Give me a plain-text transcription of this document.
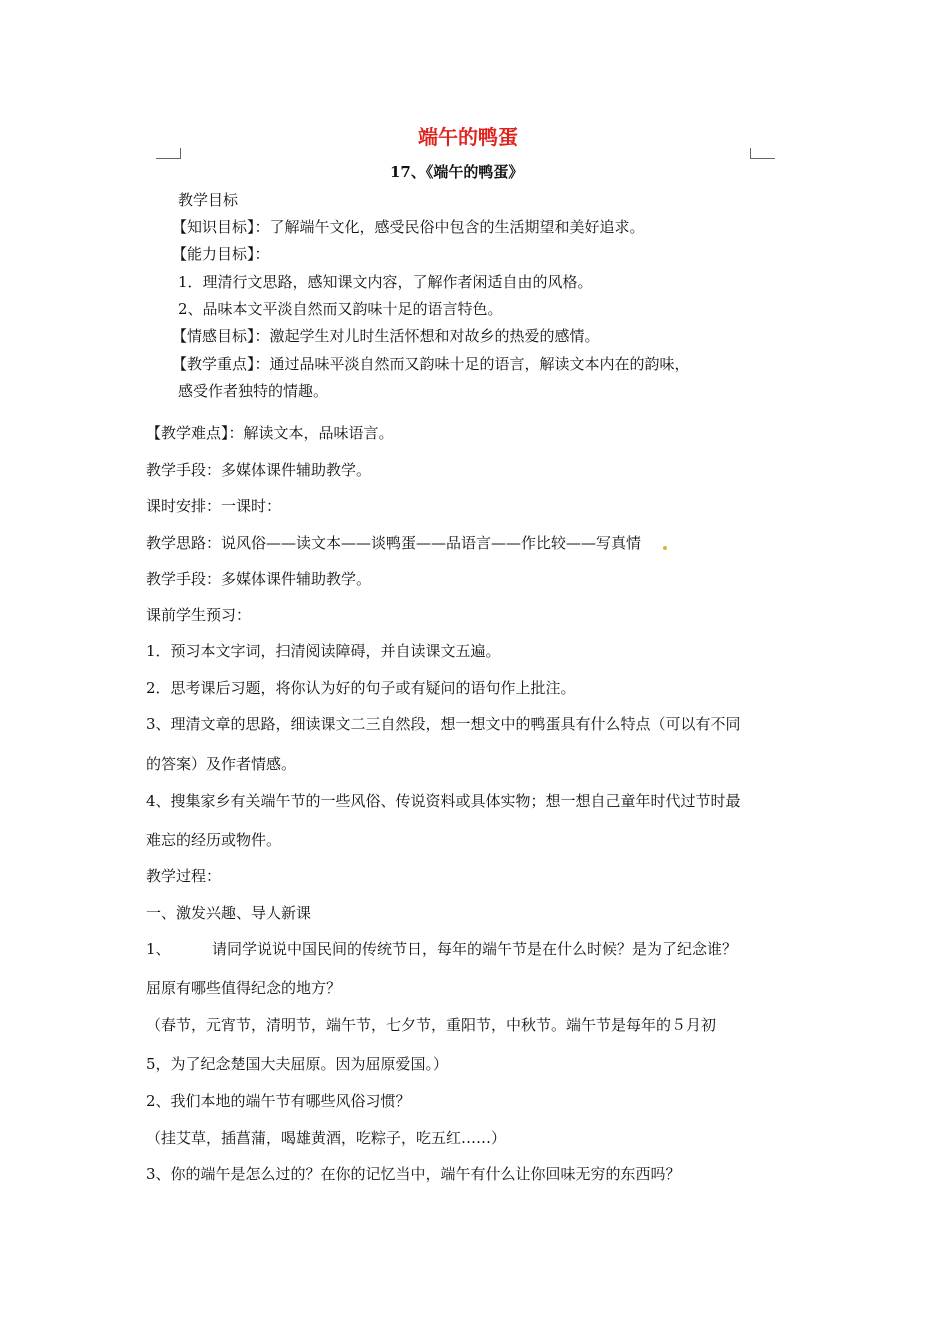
端午的鸭蛋
17、《端午的鸭蛋》
教学目标
【知识目标】：了解端午文化，感受民俗中包含的生活期望和美好追求。
【能力目标】：
1．理清行文思路，感知课文内容，了解作者闲适自由的风格。
2、品味本文平淡自然而又韵味十足的语言特色。
【情感目标】：激起学生对儿时生活怀想和对故乡的热爱的感情。
【教学重点】：通过品味平淡自然而又韵味十足的语言，解读文本内在的韵味，
感受作者独特的情趣。
【教学难点】：解读文本，品味语言。
教学手段：多媒体课件辅助教学。
课时安排：一课时：
教学思路：说风俗——读文本——谈鸭蛋——品语言——作比较——写真情
教学手段：多媒体课件辅助教学。
课前学生预习：
1．预习本文字词，扫清阅读障碍，并自读课文五遍。
2．思考课后习题，将你认为好的句子或有疑问的语句作上批注。
3、理清文章的思路，细读课文二三自然段，想一想文中的鸭蛋具有什么特点（可以有不同
的答案）及作者情感。
4、搜集家乡有关端午节的一些风俗、传说资料或具体实物；想一想自己童年时代过节时最
难忘的经历或物件。
教学过程：
一、激发兴趣、导人新课
1、	请同学说说中国民间的传统节日，每年的端午节是在什么时候？是为了纪念谁？
屈原有哪些值得纪念的地方？
（春节，元宵节，清明节，端午节，七夕节，重阳节，中秋节。端午节是每年的５月初
5，为了纪念楚国大夫屈原。因为屈原爱国。）
2、我们本地的端午节有哪些风俗习惯？
（挂艾草，插菖蒲，喝雄黄酒，吃粽子，吃五红……）
3、你的端午是怎么过的？在你的记忆当中，端午有什么让你回味无穷的东西吗？
